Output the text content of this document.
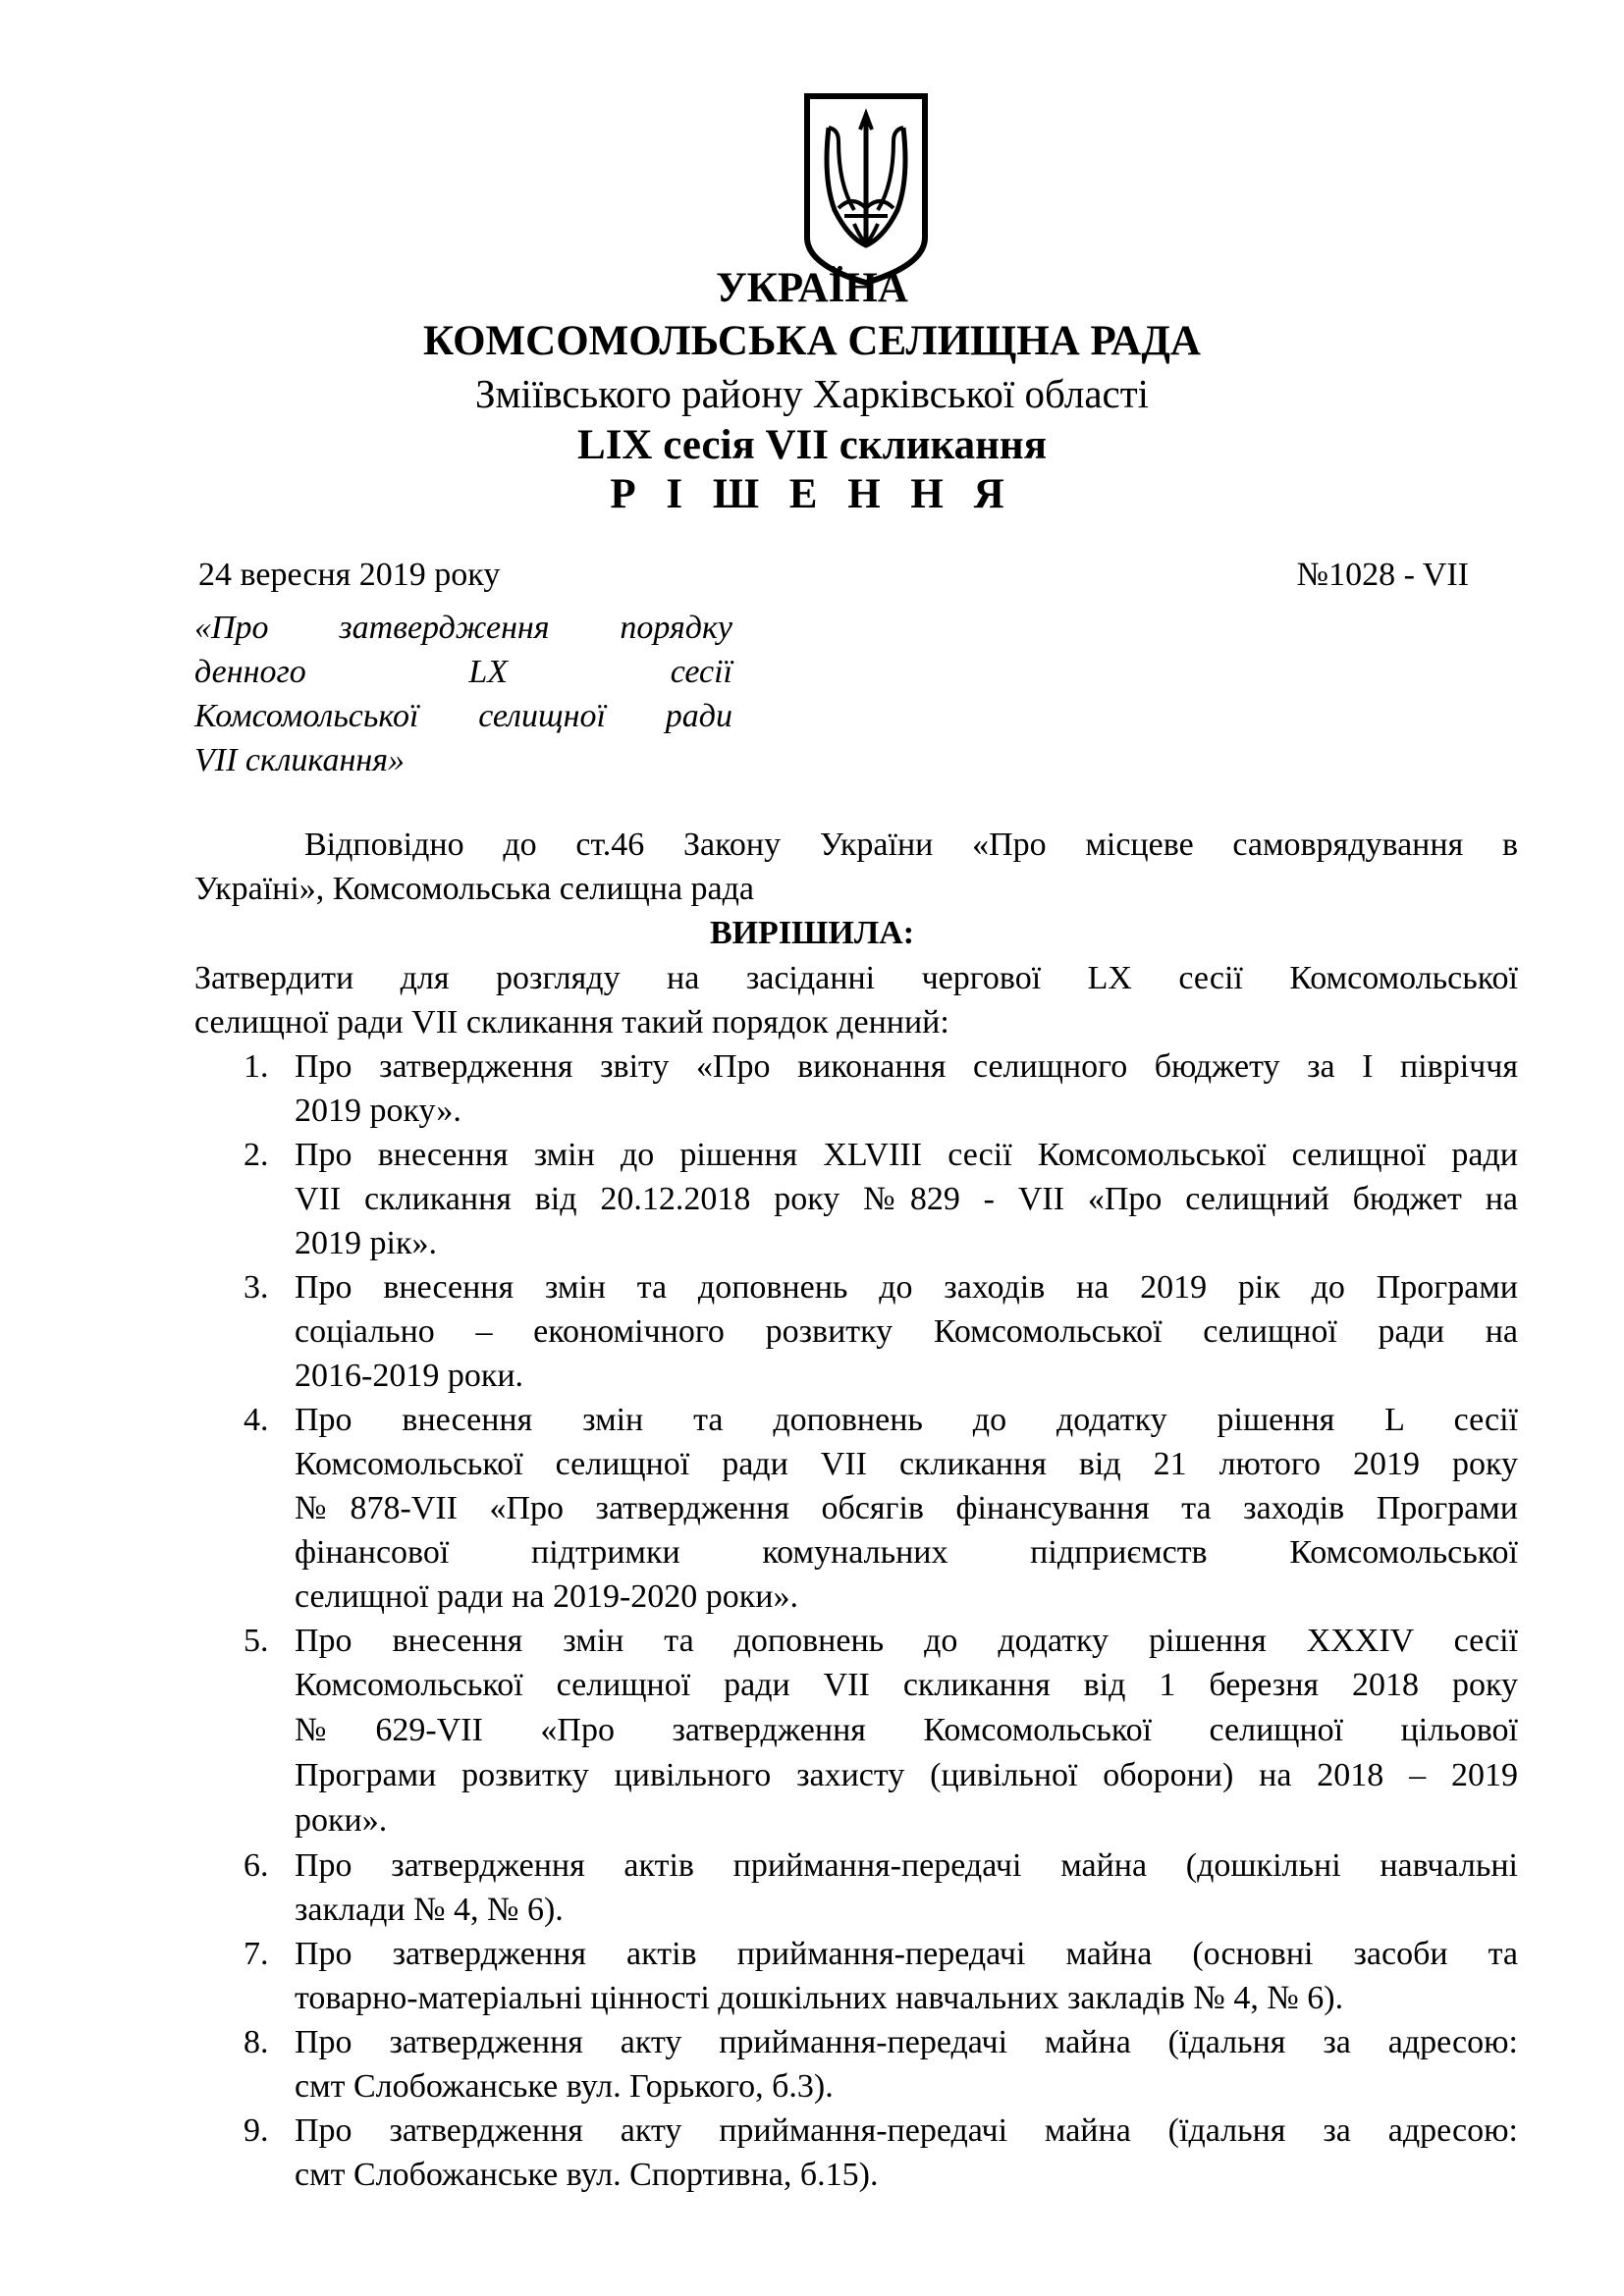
УКРАЇНА
КОМСОМОЛЬСЬКА СЕЛИЩНА РАДА
Зміївського району Харківської області
LIX сесія VII скликання
Р І Ш Е Н Н Я
24 вересня 2019 року	№1028 - VII
«Про затвердження порядку
денного LX сесії
Комсомольської селищної ради
VII скликання»
Відповідно до ст.46 Закону України «Про місцеве самоврядування в
Україні», Комсомольська селищна рада
ВИРІШИЛА:
Затвердити для розгляду на засіданні чергової LX сесії Комсомольської
селищної ради VII скликання такий порядок денний:
1. Про затвердження звіту «Про виконання селищного бюджету за I півріччя
2019 року».
2. Про внесення змін до рішення XLVIII сесії Комсомольської селищної ради
VII скликання від 20.12.2018 року №829 - VII «Про селищний бюджет на
2019 рік».
3. Про внесення змін та доповнень до заходів на 2019 рік до Програми
соціально – економічного розвитку Комсомольської селищної ради на
2016-2019 роки.
4. Про внесення змін та доповнень до додатку рішення L сесії
Комсомольської селищної ради VII скликання від 21 лютого 2019 року
№878-VII «Про затвердження обсягів фінансування та заходів Програми
фінансової підтримки комунальних підприємств Комсомольської
селищної ради на 2019-2020 роки».
5. Про внесення змін та доповнень до додатку рішення XXXIV сесії
Комсомольської селищної ради VII скликання від 1 березня 2018 року
№629-VII «Про затвердження Комсомольської селищної цільової
Програми розвитку цивільного захисту (цивільної оборони) на 2018 – 2019
роки».
6. Про затвердження актів приймання-передачі майна (дошкільні навчальні
заклади № 4, № 6).
7. Про затвердження актів приймання-передачі майна (основні засоби та
товарно-матеріальні цінності дошкільних навчальних закладів № 4, № 6).
8. Про затвердження акту приймання-передачі майна (їдальня за адресою:
смт Слобожанське вул. Горького, б.3).
9. Про затвердження акту приймання-передачі майна (їдальня за адресою:
смт Слобожанське вул. Спортивна, б.15).
